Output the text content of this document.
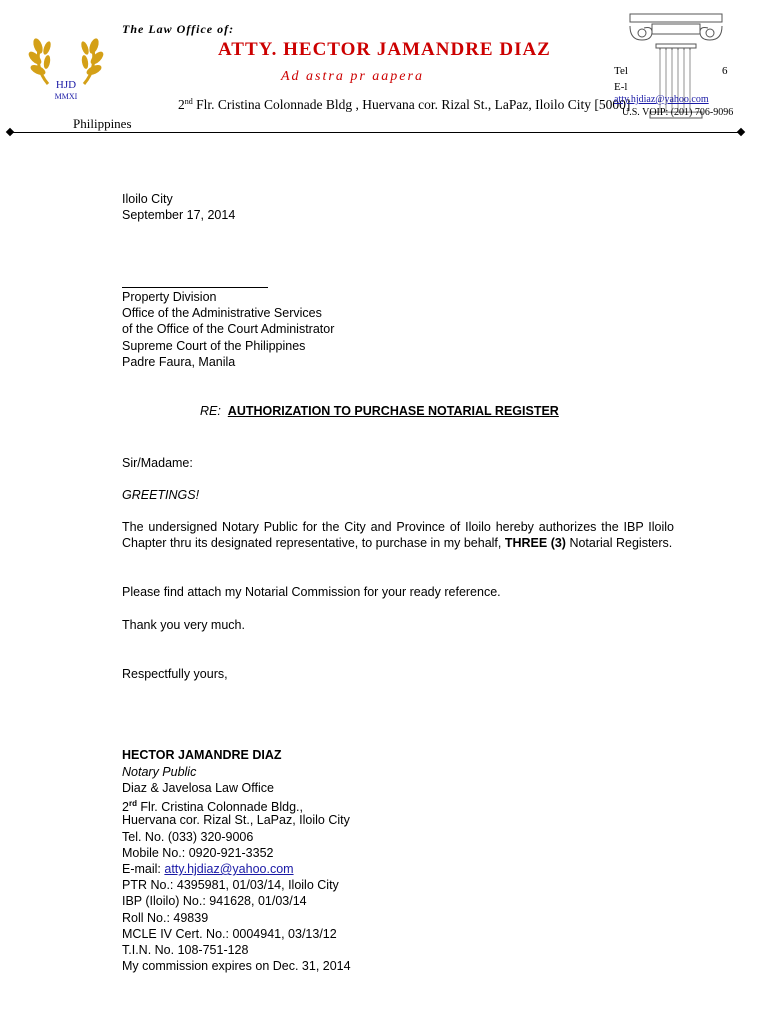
HJD
MMXI
The Law Office of:
ATTY. HECTOR JAMANDRE DIAZ
Ad astra pr aapera
2nd Flr. Cristina Colonnade Bldg , Huervana cor. Rizal St., LaPaz, Iloilo City [5000]
Philippines
Tel	6
E-l
atty.hjdiaz@yahoo.com
U.S. VOIP: (201) 706-9096
Iloilo City
September 17, 2014
Property Division
Office of the Administrative Services
of the Office of the Court Administrator
Supreme Court of the Philippines
Padre Faura, Manila
RE: AUTHORIZATION TO PURCHASE NOTARIAL REGISTER
Sir/Madame:
GREETINGS!
The undersigned Notary Public for the City and Province of Iloilo hereby authorizes the IBP Iloilo Chapter thru its designated representative, to purchase in my behalf, THREE (3) Notarial Registers.
Please find attach my Notarial Commission for your ready reference.
Thank you very much.
Respectfully yours,
HECTOR JAMANDRE DIAZ
Notary Public
Diaz & Javelosa Law Office
2rd Flr. Cristina Colonnade Bldg.,
Huervana cor. Rizal St., LaPaz, Iloilo City
Tel. No. (033) 320-9006
Mobile No.: 0920-921-3352
E-mail: atty.hjdiaz@yahoo.com
PTR No.: 4395981, 01/03/14, Iloilo City
IBP (Iloilo) No.: 941628, 01/03/14
Roll No.: 49839
MCLE IV Cert. No.: 0004941, 03/13/12
T.I.N. No. 108-751-128
My commission expires on Dec. 31, 2014
